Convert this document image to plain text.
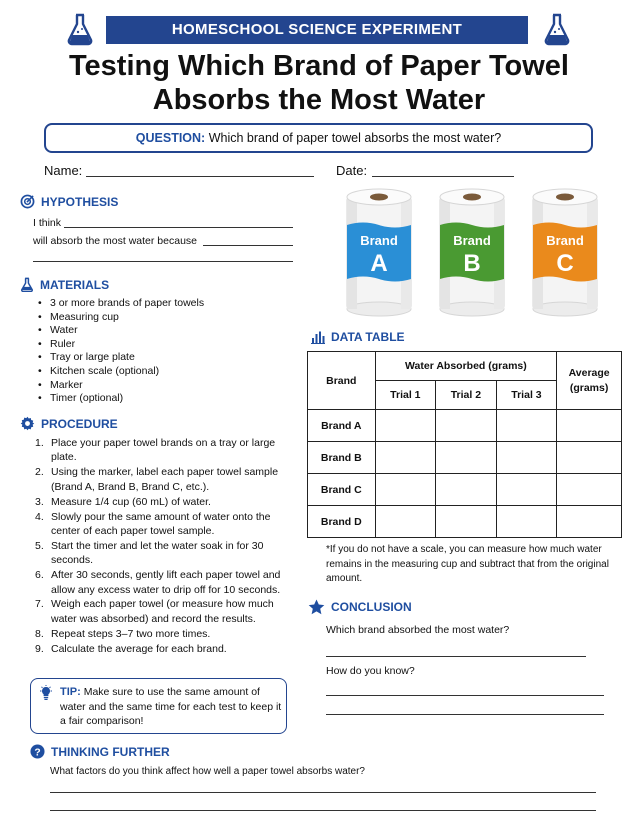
HOMESCHOOL SCIENCE EXPERIMENT
Testing Which Brand of Paper Towel
Absorbs the Most Water
QUESTION: Which brand of paper towel absorbs the most water?
Name:	Date:
HYPOTHESIS
I think
will absorb the most water because
MATERIALS
• 3 or more brands of paper towels
• Measuring cup
• Water
• Ruler
• Tray or large plate
• Kitchen scale (optional)
• Marker
• Timer (optional)
PROCEDURE
1. Place your paper towel brands on a tray or large plate.
2. Using the marker, label each paper towel sample (Brand A, Brand B, Brand C, etc.).
3. Measure 1/4 cup (60 mL) of water.
4. Slowly pour the same amount of water onto the center of each paper towel sample.
5. Start the timer and let the water soak in for 30 seconds.
6. After 30 seconds, gently lift each paper towel and allow any excess water to drip off for 10 seconds.
7. Weigh each paper towel (or measure how much water was absorbed) and record the results.
8. Repeat steps 3–7 two more times.
9. Calculate the average for each brand.
TIP: Make sure to use the same amount of water and the same time for each test to keep it a fair comparison!
? THINKING FURTHER
What factors do you think affect how well a paper towel absorbs water?
Brand
A
Brand
B
Brand
C
DATA TABLE
Brand	Water Absorbed (grams)			Average (grams)
	Trial 1	Trial 2	Trial 3	
Brand A				
Brand B				
Brand C				
Brand D				
*If you do not have a scale, you can measure how much water remains in the measuring cup and subtract that from the original amount.
CONCLUSION
Which brand absorbed the most water?
How do you know?
